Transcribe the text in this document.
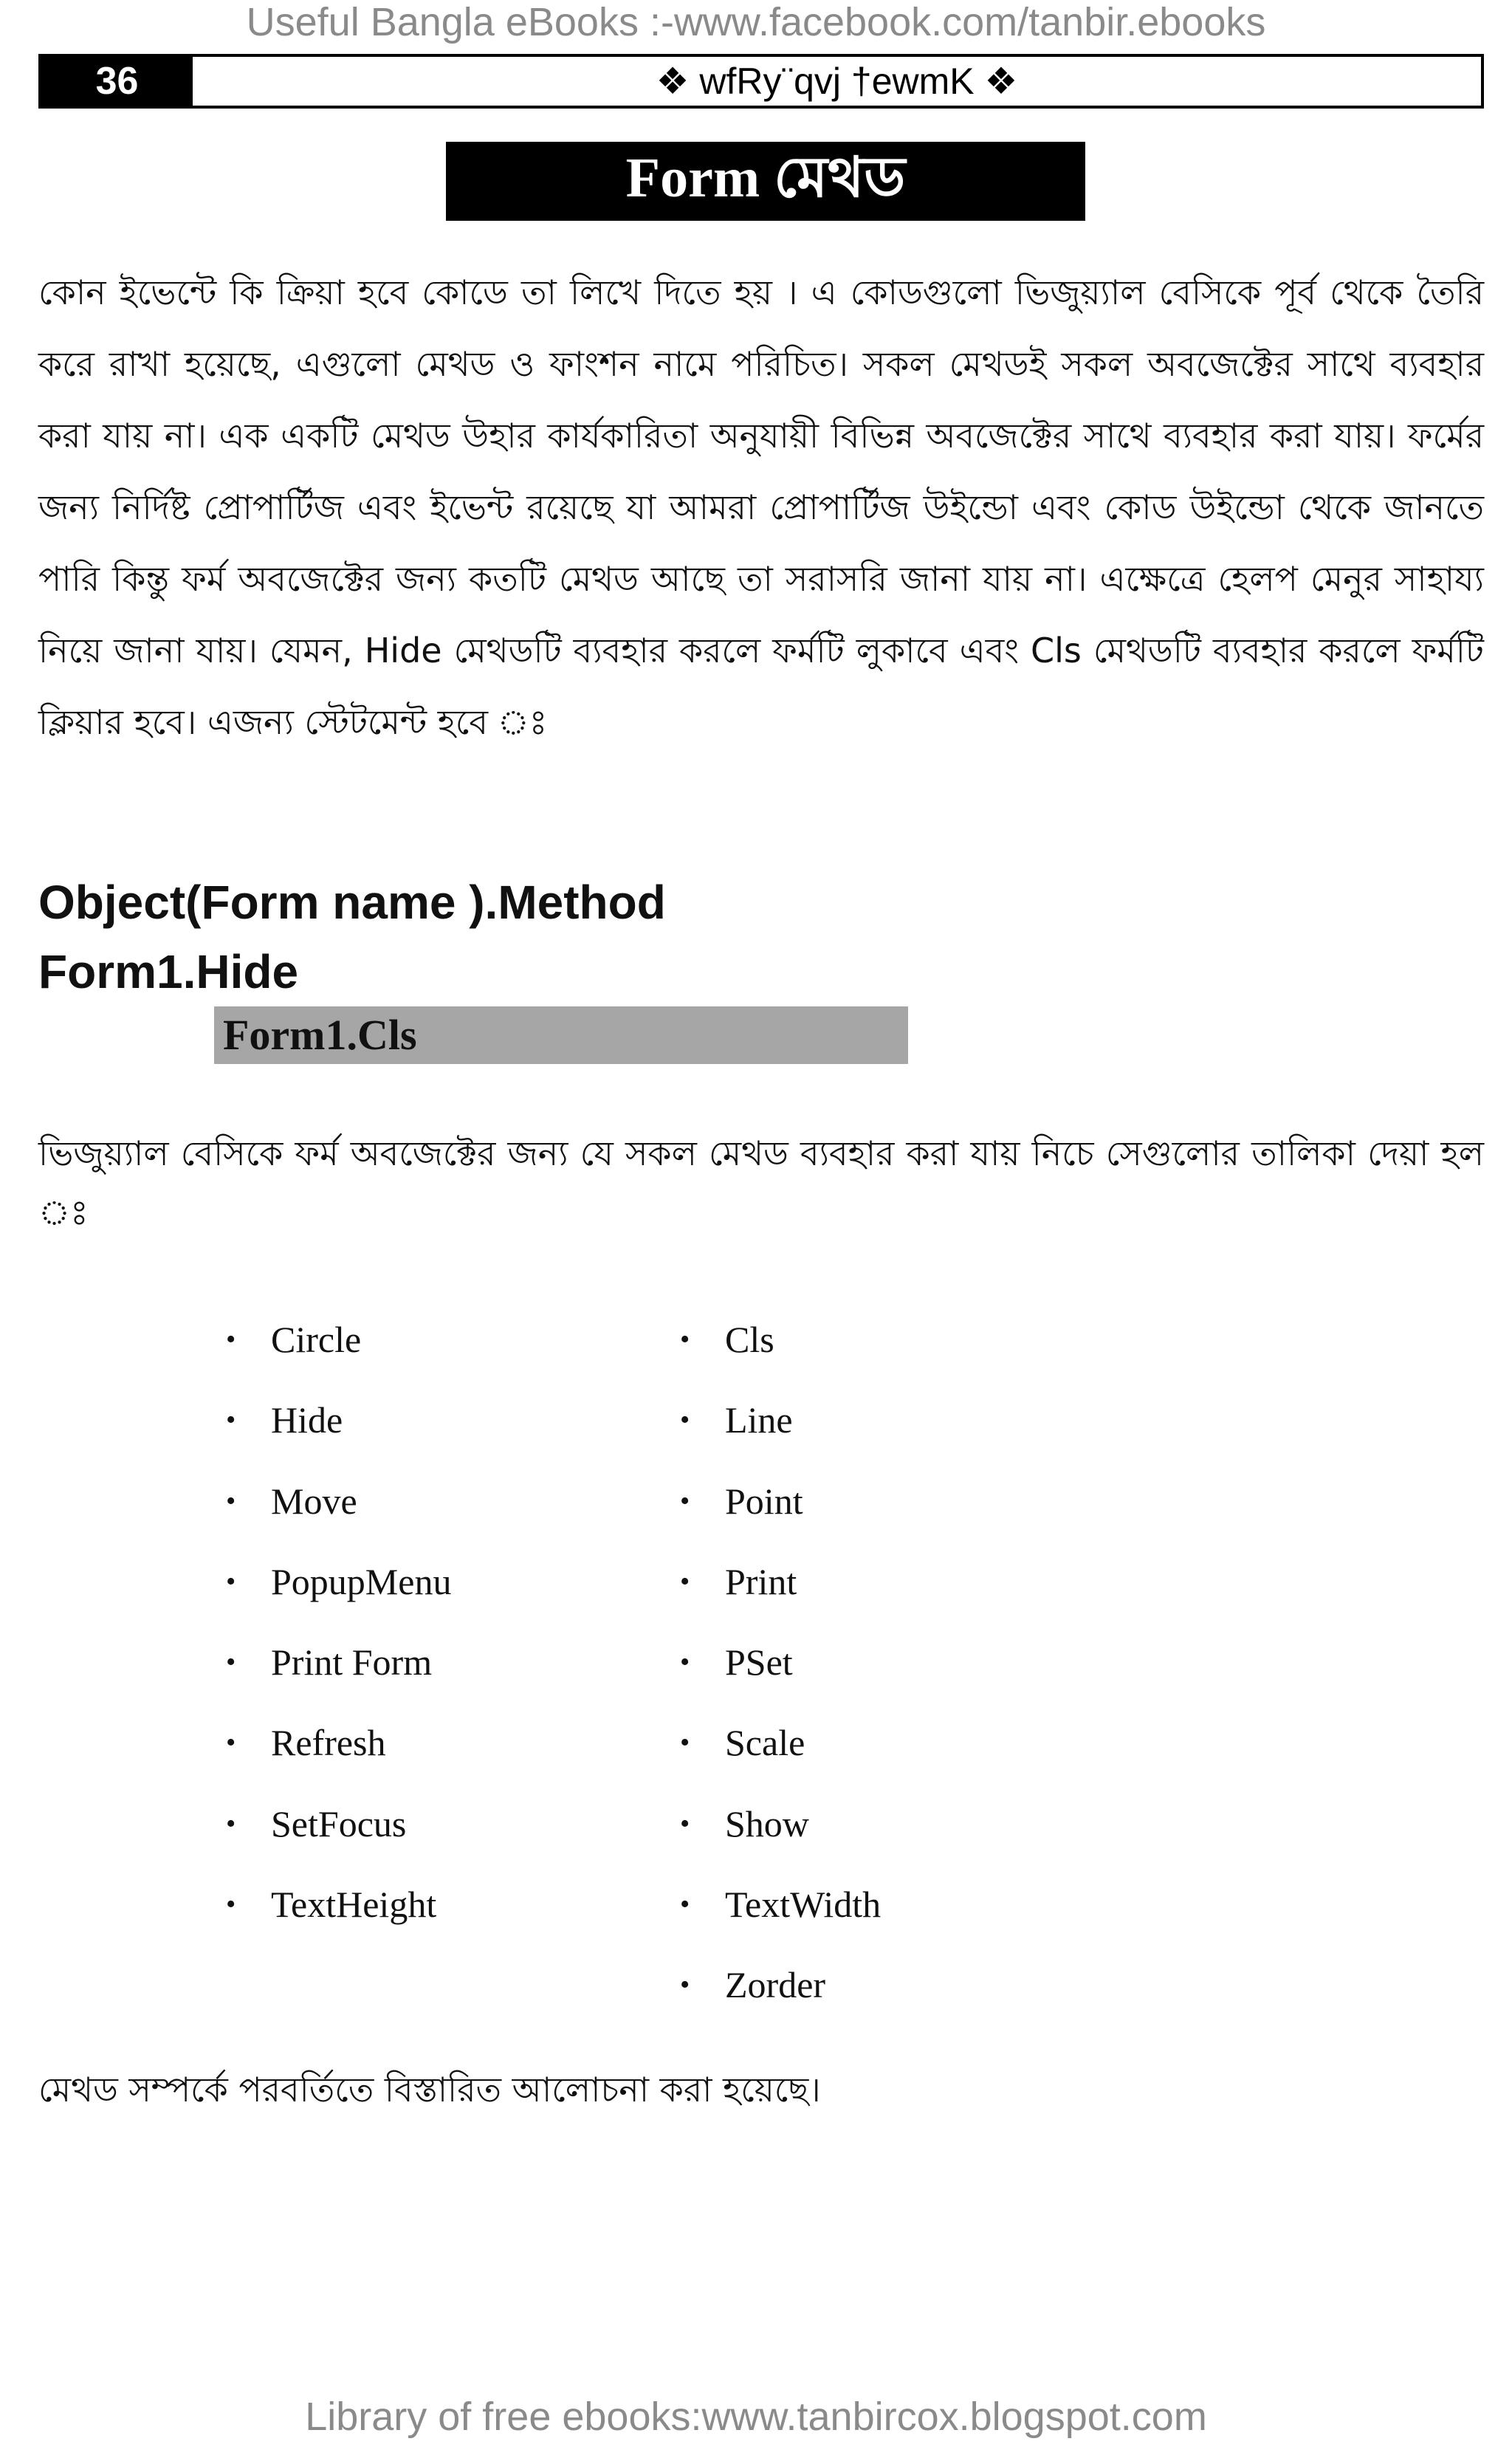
Useful Bangla eBooks :-www.facebook.com/tanbir.ebooks
36	❖ wfRy¨qvj †ewmK ❖
Form মেথড
কোন ইভেন্টে কি ক্রিয়া হবে কোডে তা লিখে দিতে হয় । এ কোডগুলো ভিজুয়্যাল বেসিকে পূর্ব থেকে তৈরি করে রাখা হয়েছে, এগুলো মেথড ও ফাংশন নামে পরিচিত। সকল মেথডই সকল অবজেক্টের সাথে ব্যবহার করা যায় না। এক একটি মেথড উহার কার্যকারিতা অনুযায়ী বিভিন্ন অবজেক্টের সাথে ব্যবহার করা যায়। ফর্মের জন্য নির্দিষ্ট প্রোপার্টিজ এবং ইভেন্ট রয়েছে যা আমরা প্রোপার্টিজ উইন্ডো এবং কোড উইন্ডো থেকে জানতে পারি কিন্তু ফর্ম অবজেক্টের জন্য কতটি মেথড আছে তা সরাসরি জানা যায় না। এক্ষেত্রে হেলপ মেনুর সাহায্য নিয়ে জানা যায়। যেমন, Hide মেথডটি ব্যবহার করলে ফর্মটি লুকাবে এবং Cls মেথডটি ব্যবহার করলে ফর্মটি ক্লিয়ার হবে। এজন্য স্টেটমেন্ট হবে ঃ
Object(Form name ).Method
Form1.Hide
Form1.Cls
ভিজুয়্যাল বেসিকে ফর্ম অবজেক্টের জন্য যে সকল মেথড ব্যবহার করা যায় নিচে সেগুলোর তালিকা দেয়া হল ঃ
• Circle
• Hide
• Move
• PopupMenu
• Print Form
• Refresh
• SetFocus
• TextHeight
• Cls
• Line
• Point
• Print
• PSet
• Scale
• Show
• TextWidth
• Zorder
মেথড সম্পর্কে পরবর্তিতে বিস্তারিত আলোচনা করা হয়েছে।
Library of free ebooks:www.tanbircox.blogspot.com
